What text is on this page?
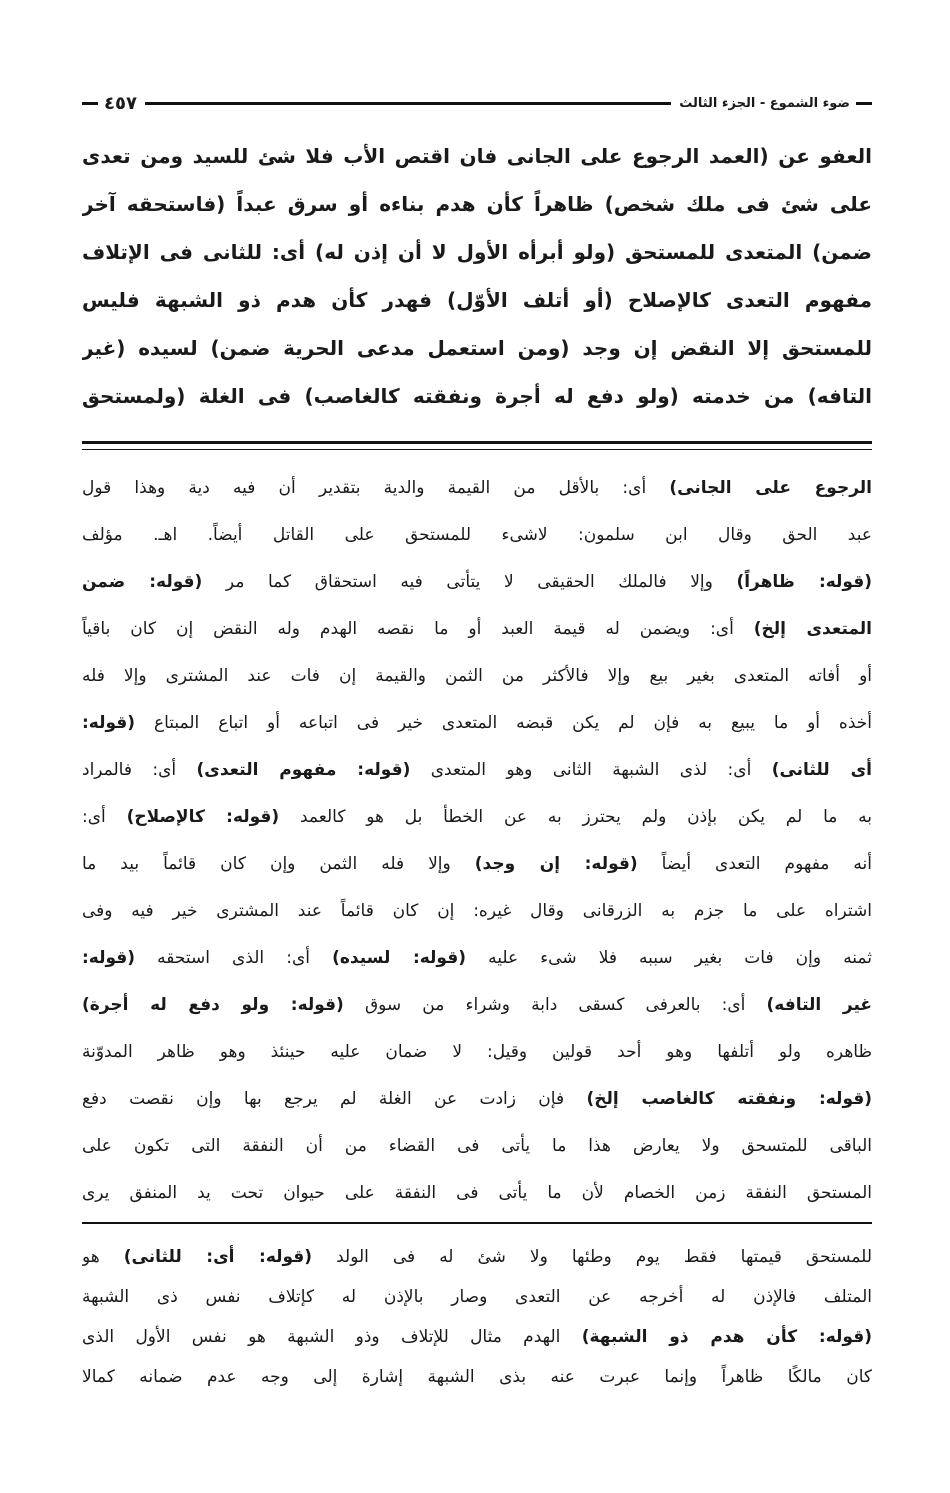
ضوء الشموع - الجزء الثالث
٤٥٧
العفو عن (العمد الرجوع على الجانى فان اقتص الأب فلا شئ للسيد ومن تعدى
على شئ فى ملك شخص) ظاهراً كأن هدم بناءه أو سرق عبداً (فاستحقه آخر
ضمن) المتعدى للمستحق (ولو أبرأه الأول لا أن إذن له) أى: للثانى فى الإتلاف
مفهوم التعدى كالإصلاح (أو أتلف الأوّل) فهدر كأن هدم ذو الشبهة فليس
للمستحق إلا النقض إن وجد (ومن استعمل مدعى الحرية ضمن) لسيده (غير
التافه) من خدمته (ولو دفع له أجرة ونفقته كالغاصب) فى الغلة (ولمستحق
الرجوع على الجانى) أى: بالأقل من القيمة والدية بتقدير أن فيه دية وهذا قول
عبد الحق وقال ابن سلمون: لاشىء للمستحق على القاتل أيضاً. اهـ. مؤلف
(قوله: ظاهراً) وإلا فالملك الحقيقى لا يتأتى فيه استحقاق كما مر (قوله: ضمن
المتعدى إلخ) أى: ويضمن له قيمة العبد أو ما نقصه الهدم وله النقض إن كان باقياً
أو أفاته المتعدى بغير بيع وإلا فالأكثر من الثمن والقيمة إن فات عند المشترى وإلا فله
أخذه أو ما يبيع به فإن لم يكن قبضه المتعدى خير فى اتباعه أو اتباع المبتاع (قوله:
أى للثانى) أى: لذى الشبهة الثانى وهو المتعدى (قوله: مفهوم التعدى) أى: فالمراد
به ما لم يكن بإذن ولم يحترز به عن الخطأ بل هو كالعمد (قوله: كالإصلاح) أى:
أنه مفهوم التعدى أيضاً (قوله: إن وجد) وإلا فله الثمن وإن كان قائماً بيد ما
اشتراه على ما جزم به الزرقانى وقال غيره: إن كان قائماً عند المشترى خير فيه وفى
ثمنه وإن فات بغير سببه فلا شىء عليه (قوله: لسيده) أى: الذى استحقه (قوله:
غير التافه) أى: بالعرفى كسقى دابة وشراء من سوق (قوله: ولو دفع له أجرة)
ظاهره ولو أتلفها وهو أحد قولين وقيل: لا ضمان عليه حينئذ وهو ظاهر المدوّنة
(قوله: ونفقته كالغاصب إلخ) فإن زادت عن الغلة لم يرجع بها وإن نقصت دفع
الباقى للمتسحق ولا يعارض هذا ما يأتى فى القضاء من أن النفقة التى تكون على
المستحق النفقة زمن الخصام لأن ما يأتى فى النفقة على حيوان تحت يد المنفق يرى
للمستحق قيمتها فقط يوم وطئها ولا شئ له فى الولد (قوله: أى: للثانى) هو
المتلف فالإذن له أخرجه عن التعدى وصار بالإذن له كإتلاف نفس ذى الشبهة
(قوله: كأن هدم ذو الشبهة) الهدم مثال للإتلاف وذو الشبهة هو نفس الأول الذى
كان مالكًا ظاهراً وإنما عبرت عنه بذى الشبهة إشارة إلى وجه عدم ضمانه كمالا
